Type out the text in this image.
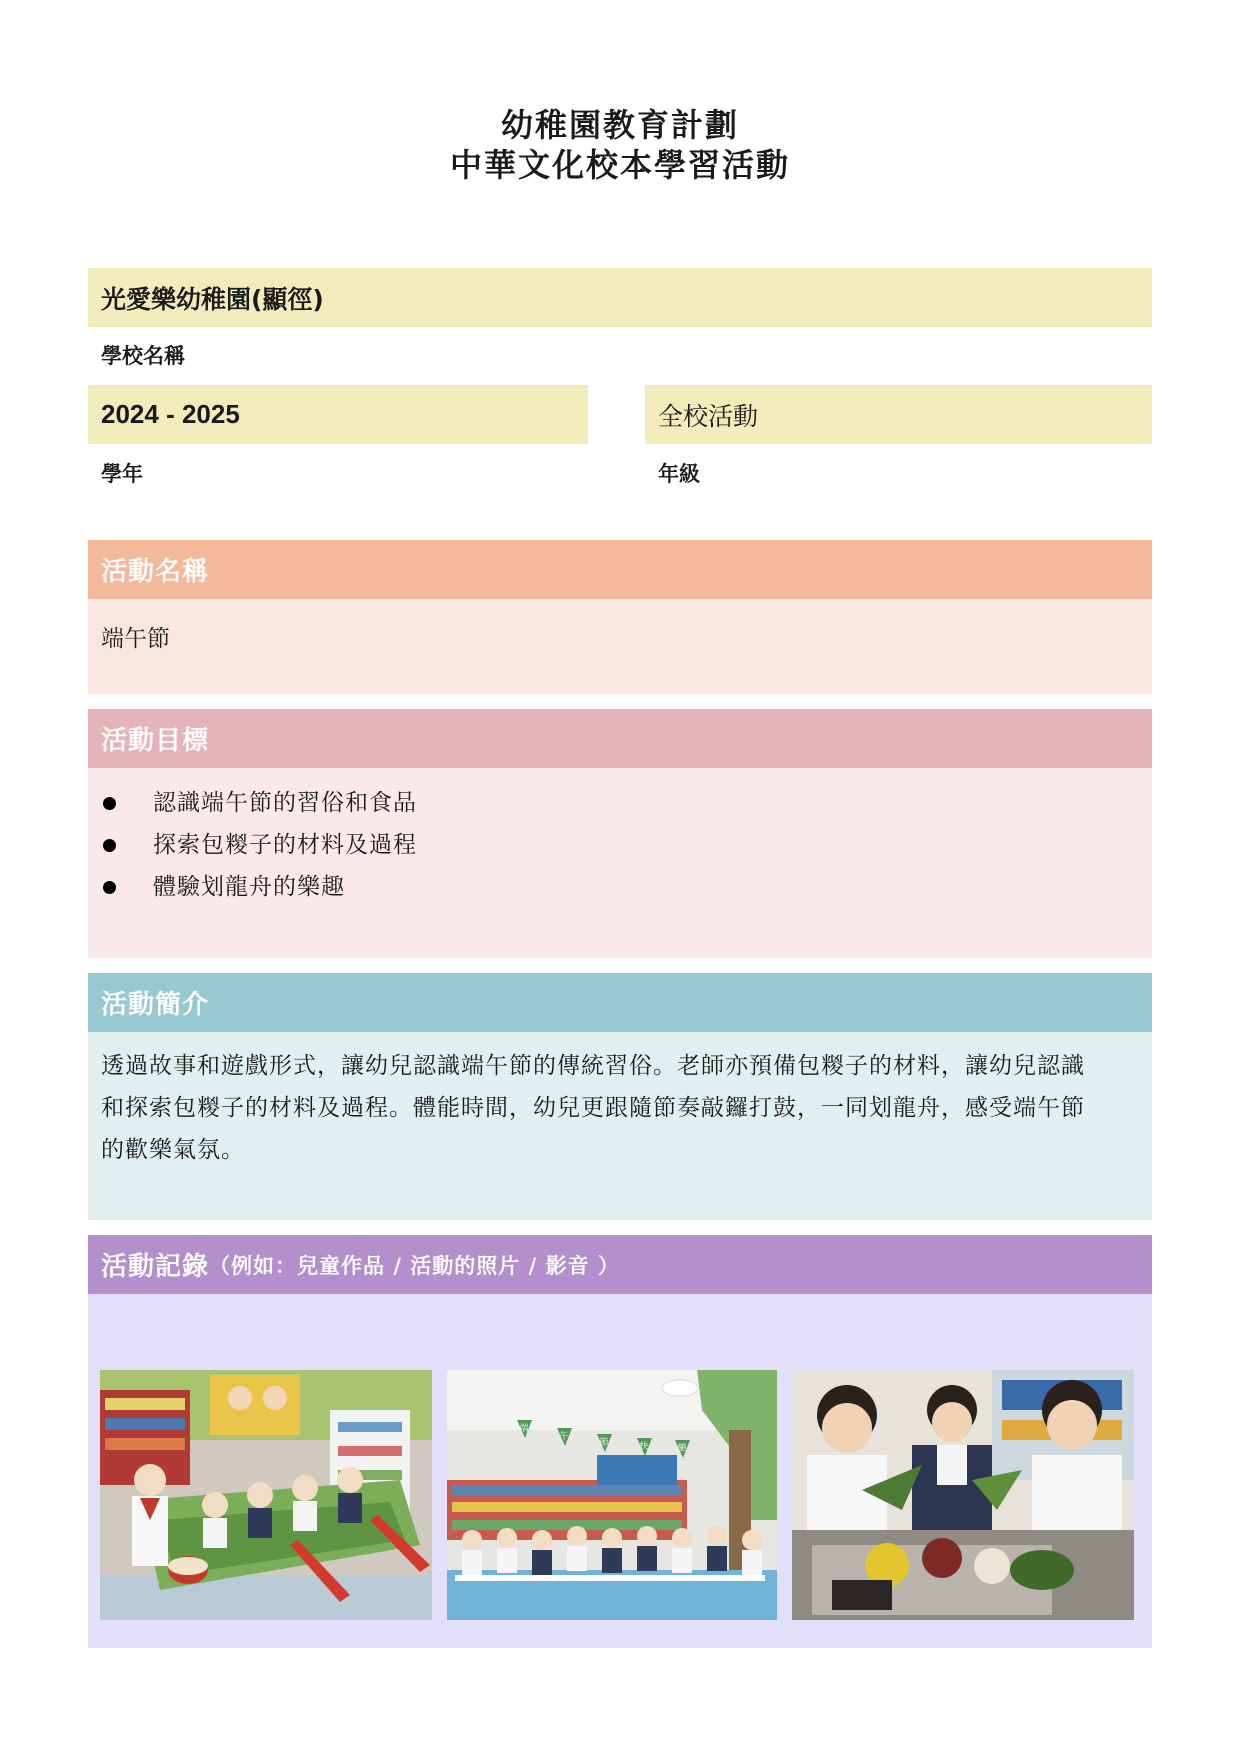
幼稚園教育計劃
中華文化校本學習活動
光愛樂幼稚園(顯徑)
學校名稱
2024 - 2025
學年
全校活動
年級
活動名稱
端午節
活動目標
認識端午節的習俗和食品
探索包糉子的材料及過程
體驗划龍舟的樂趣
活動簡介

透過故事和遊戲形式，讓幼兒認識端午節的傳統習俗。老師亦預備包糉子的材料，讓幼兒認識

和探索包糉子的材料及過程。體能時間，幼兒更跟隨節奏敲鑼打鼓，一同划龍舟，感受端午節

的歡樂氣氛。

活動記錄 （例如：兒童作品 / 活動的照片 / 影音 ）
端
午
節	快	樂
